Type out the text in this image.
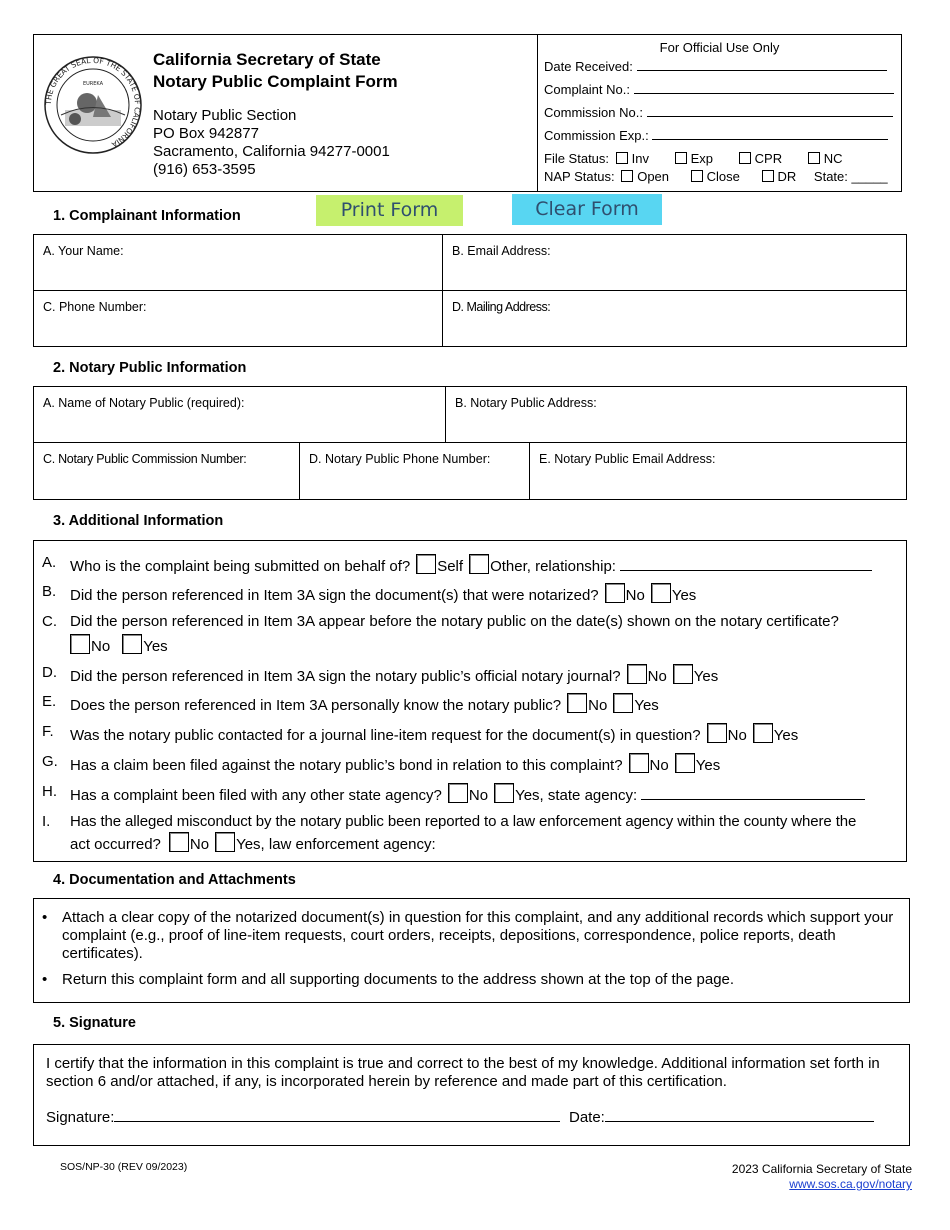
THE GREAT SEAL OF THE STATE OF CALIFORNIA
EUREKA
California Secretary of State
Notary Public Complaint Form
Notary Public Section
PO Box 942877
Sacramento, California 94277-0001
(916) 653-3595
For Official Use Only
Date Received:
Complaint No.:
Commission No.:
Commission Exp.:
File Status: Inv	Exp	CPR	NC
NAP Status: Open	Close	DR State: _____
1. Complainant Information	Print Form	Clear Form
A. Your Name:	B. Email Address:
C. Phone Number:	D. Mailing Address:
2. Notary Public Information
A. Name of Notary Public (required):	B. Notary Public Address:
C. Notary Public Commission Number:	D. Notary Public Phone Number:	E. Notary Public Email Address:
3. Additional Information
A. Who is the complaint being submitted on behalf of? Self Other, relationship:
B. Did the person referenced in Item 3A sign the document(s) that were notarized? No Yes
C. Did the person referenced in Item 3A appear before the notary public on the date(s) shown on the notary certificate?
No Yes
D. Did the person referenced in Item 3A sign the notary public’s official notary journal? No Yes
E. Does the person referenced in Item 3A personally know the notary public? No Yes
F. Was the notary public contacted for a journal line-item request for the document(s) in question? No Yes
G. Has a claim been filed against the notary public’s bond in relation to this complaint? No Yes
H. Has a complaint been filed with any other state agency? No Yes, state agency:
I. Has the alleged misconduct by the notary public been reported to a law enforcement agency within the county where the
act occurred? No Yes, law enforcement agency:
4. Documentation and Attachments
• Attach a clear copy of the notarized document(s) in question for this complaint, and any additional records which support your complaint (e.g., proof of line-item requests, court orders, receipts, depositions, correspondence, police reports, death certificates).
• Return this complaint form and all supporting documents to the address shown at the top of the page.
5. Signature
I certify that the information in this complaint is true and correct to the best of my knowledge. Additional information set forth in section 6 and/or attached, if any, is incorporated herein by reference and made part of this certification.
Signature:	Date:
SOS/NP-30 (REV 09/2023)	2023 California Secretary of State
www.sos.ca.gov/notary
